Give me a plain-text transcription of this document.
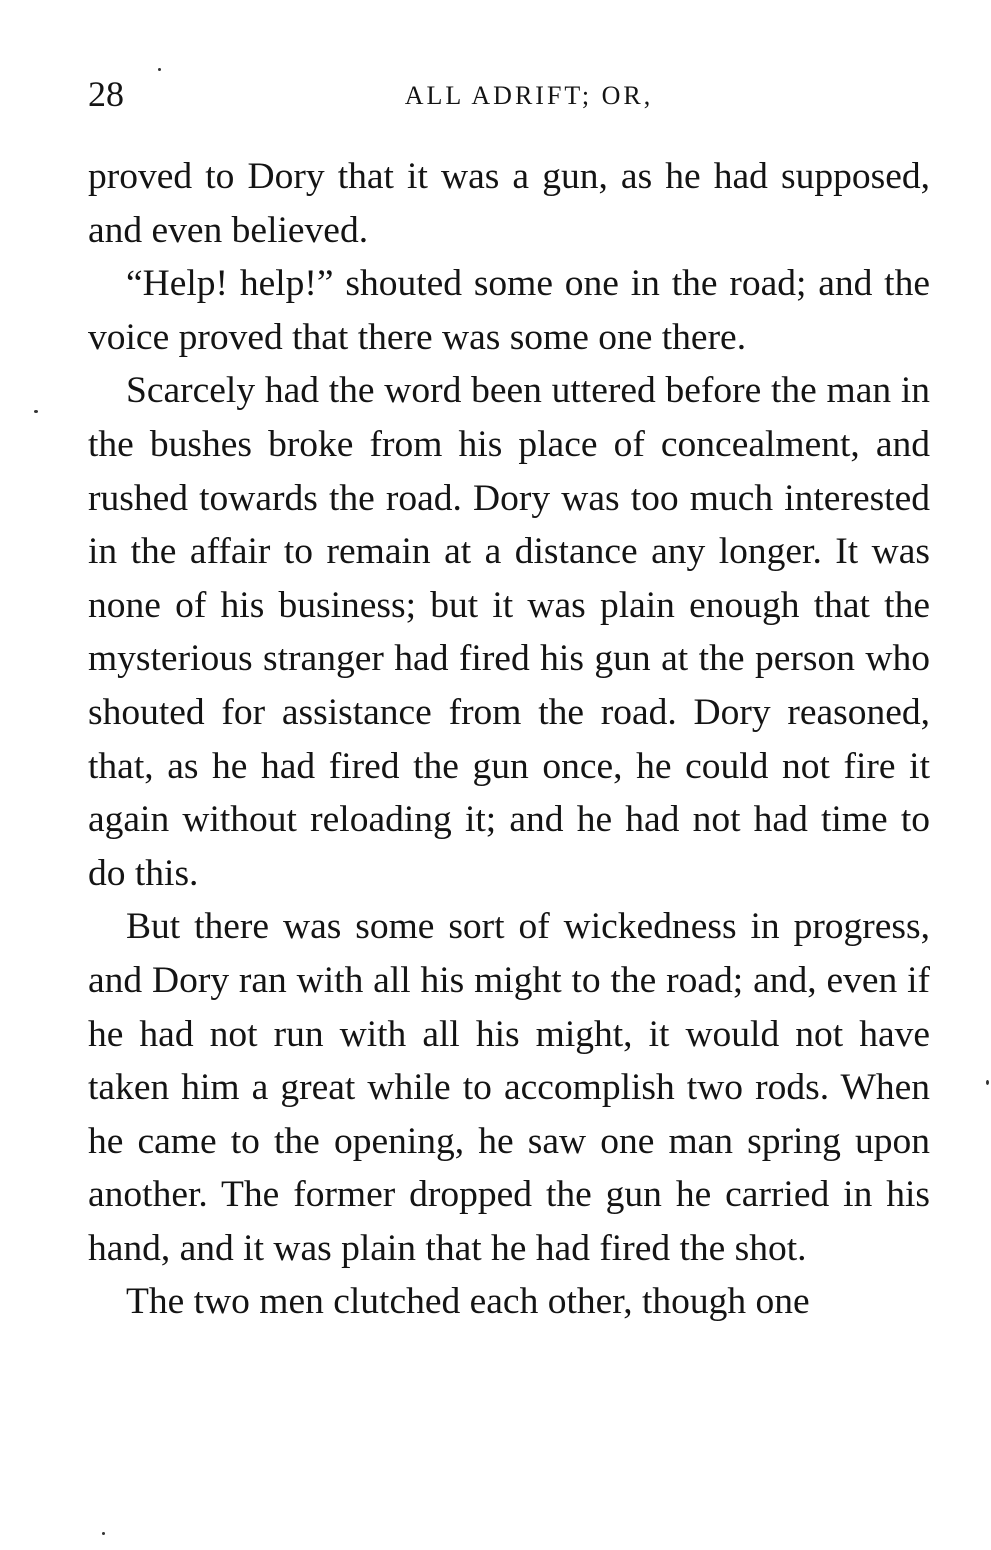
28	ALL ADRIFT; OR,

proved to Dory that it was a gun, as he had supposed, and even believed.

“Help! help!” shouted some one in the road; and the voice proved that there was some one there.

Scarcely had the word been uttered before the man in the bushes broke from his place of concealment, and rushed towards the road. Dory was too much interested in the affair to remain at a distance any longer. It was none of his business; but it was plain enough that the mysterious stranger had fired his gun at the person who shouted for assistance from the road. Dory reasoned, that, as he had fired the gun once, he could not fire it again without reloading it; and he had not had time to do this.

But there was some sort of wickedness in progress, and Dory ran with all his might to the road; and, even if he had not run with all his might, it would not have taken him a great while to accomplish two rods. When he came to the opening, he saw one man spring upon another. The former dropped the gun he carried in his hand, and it was plain that he had fired the shot.

The two men clutched each other, though one
